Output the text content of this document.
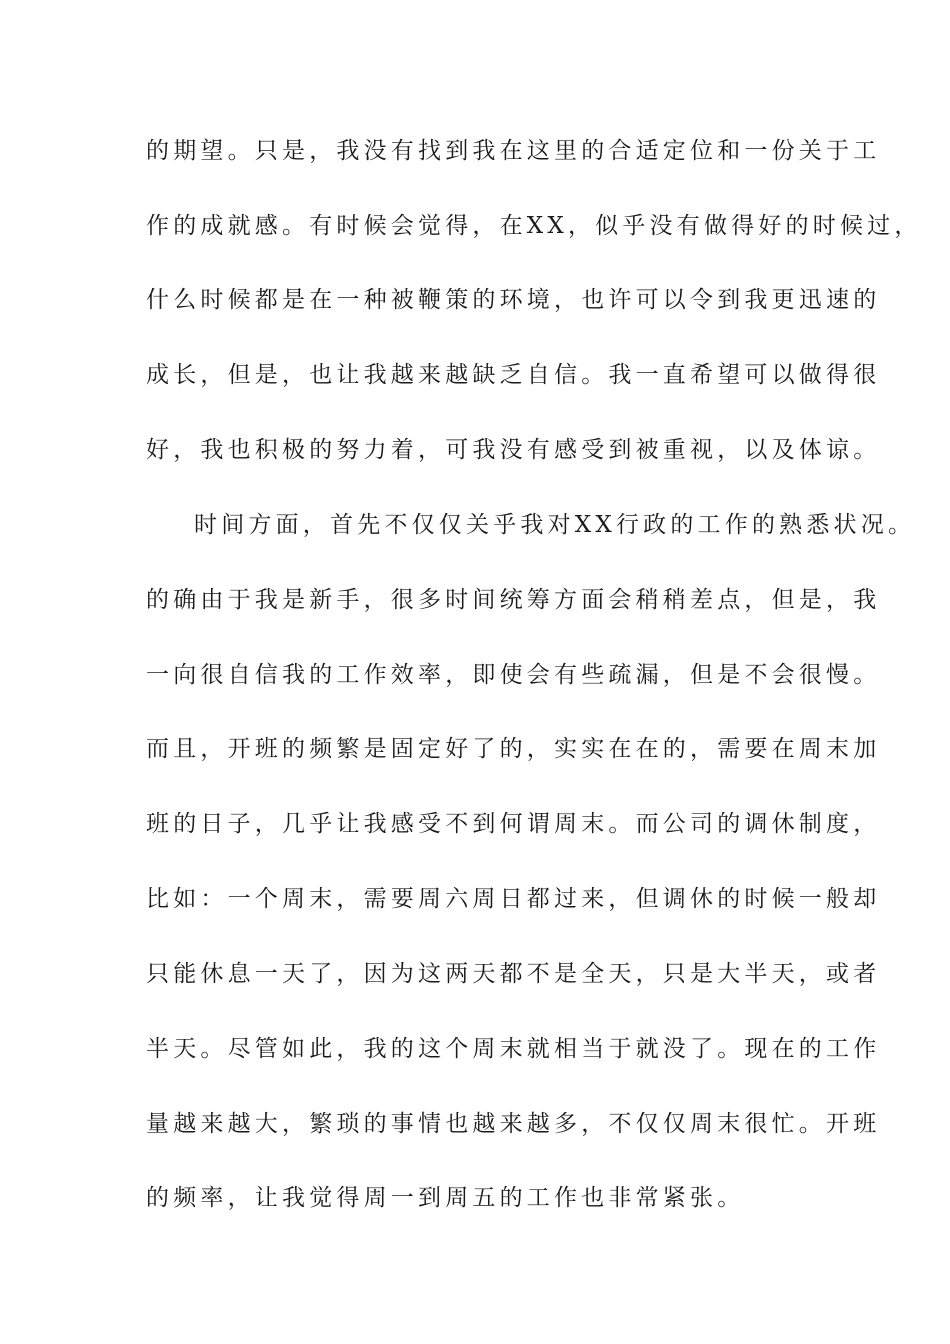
的期望。只是，我没有找到我在这里的合适定位和一份关于工
作的成就感。有时候会觉得，在XX，似乎没有做得好的时候过，
什么时候都是在一种被鞭策的环境，也许可以令到我更迅速的
成长，但是，也让我越来越缺乏自信。我一直希望可以做得很
好，我也积极的努力着，可我没有感受到被重视，以及体谅。
时间方面，首先不仅仅关乎我对XX行政的工作的熟悉状况。
的确由于我是新手，很多时间统筹方面会稍稍差点，但是，我
一向很自信我的工作效率，即使会有些疏漏，但是不会很慢。
而且，开班的频繁是固定好了的，实实在在的，需要在周末加
班的日子，几乎让我感受不到何谓周末。而公司的调休制度，
比如：一个周末，需要周六周日都过来，但调休的时候一般却
只能休息一天了，因为这两天都不是全天，只是大半天，或者
半天。尽管如此，我的这个周末就相当于就没了。现在的工作
量越来越大，繁琐的事情也越来越多，不仅仅周末很忙。开班
的频率，让我觉得周一到周五的工作也非常紧张。
